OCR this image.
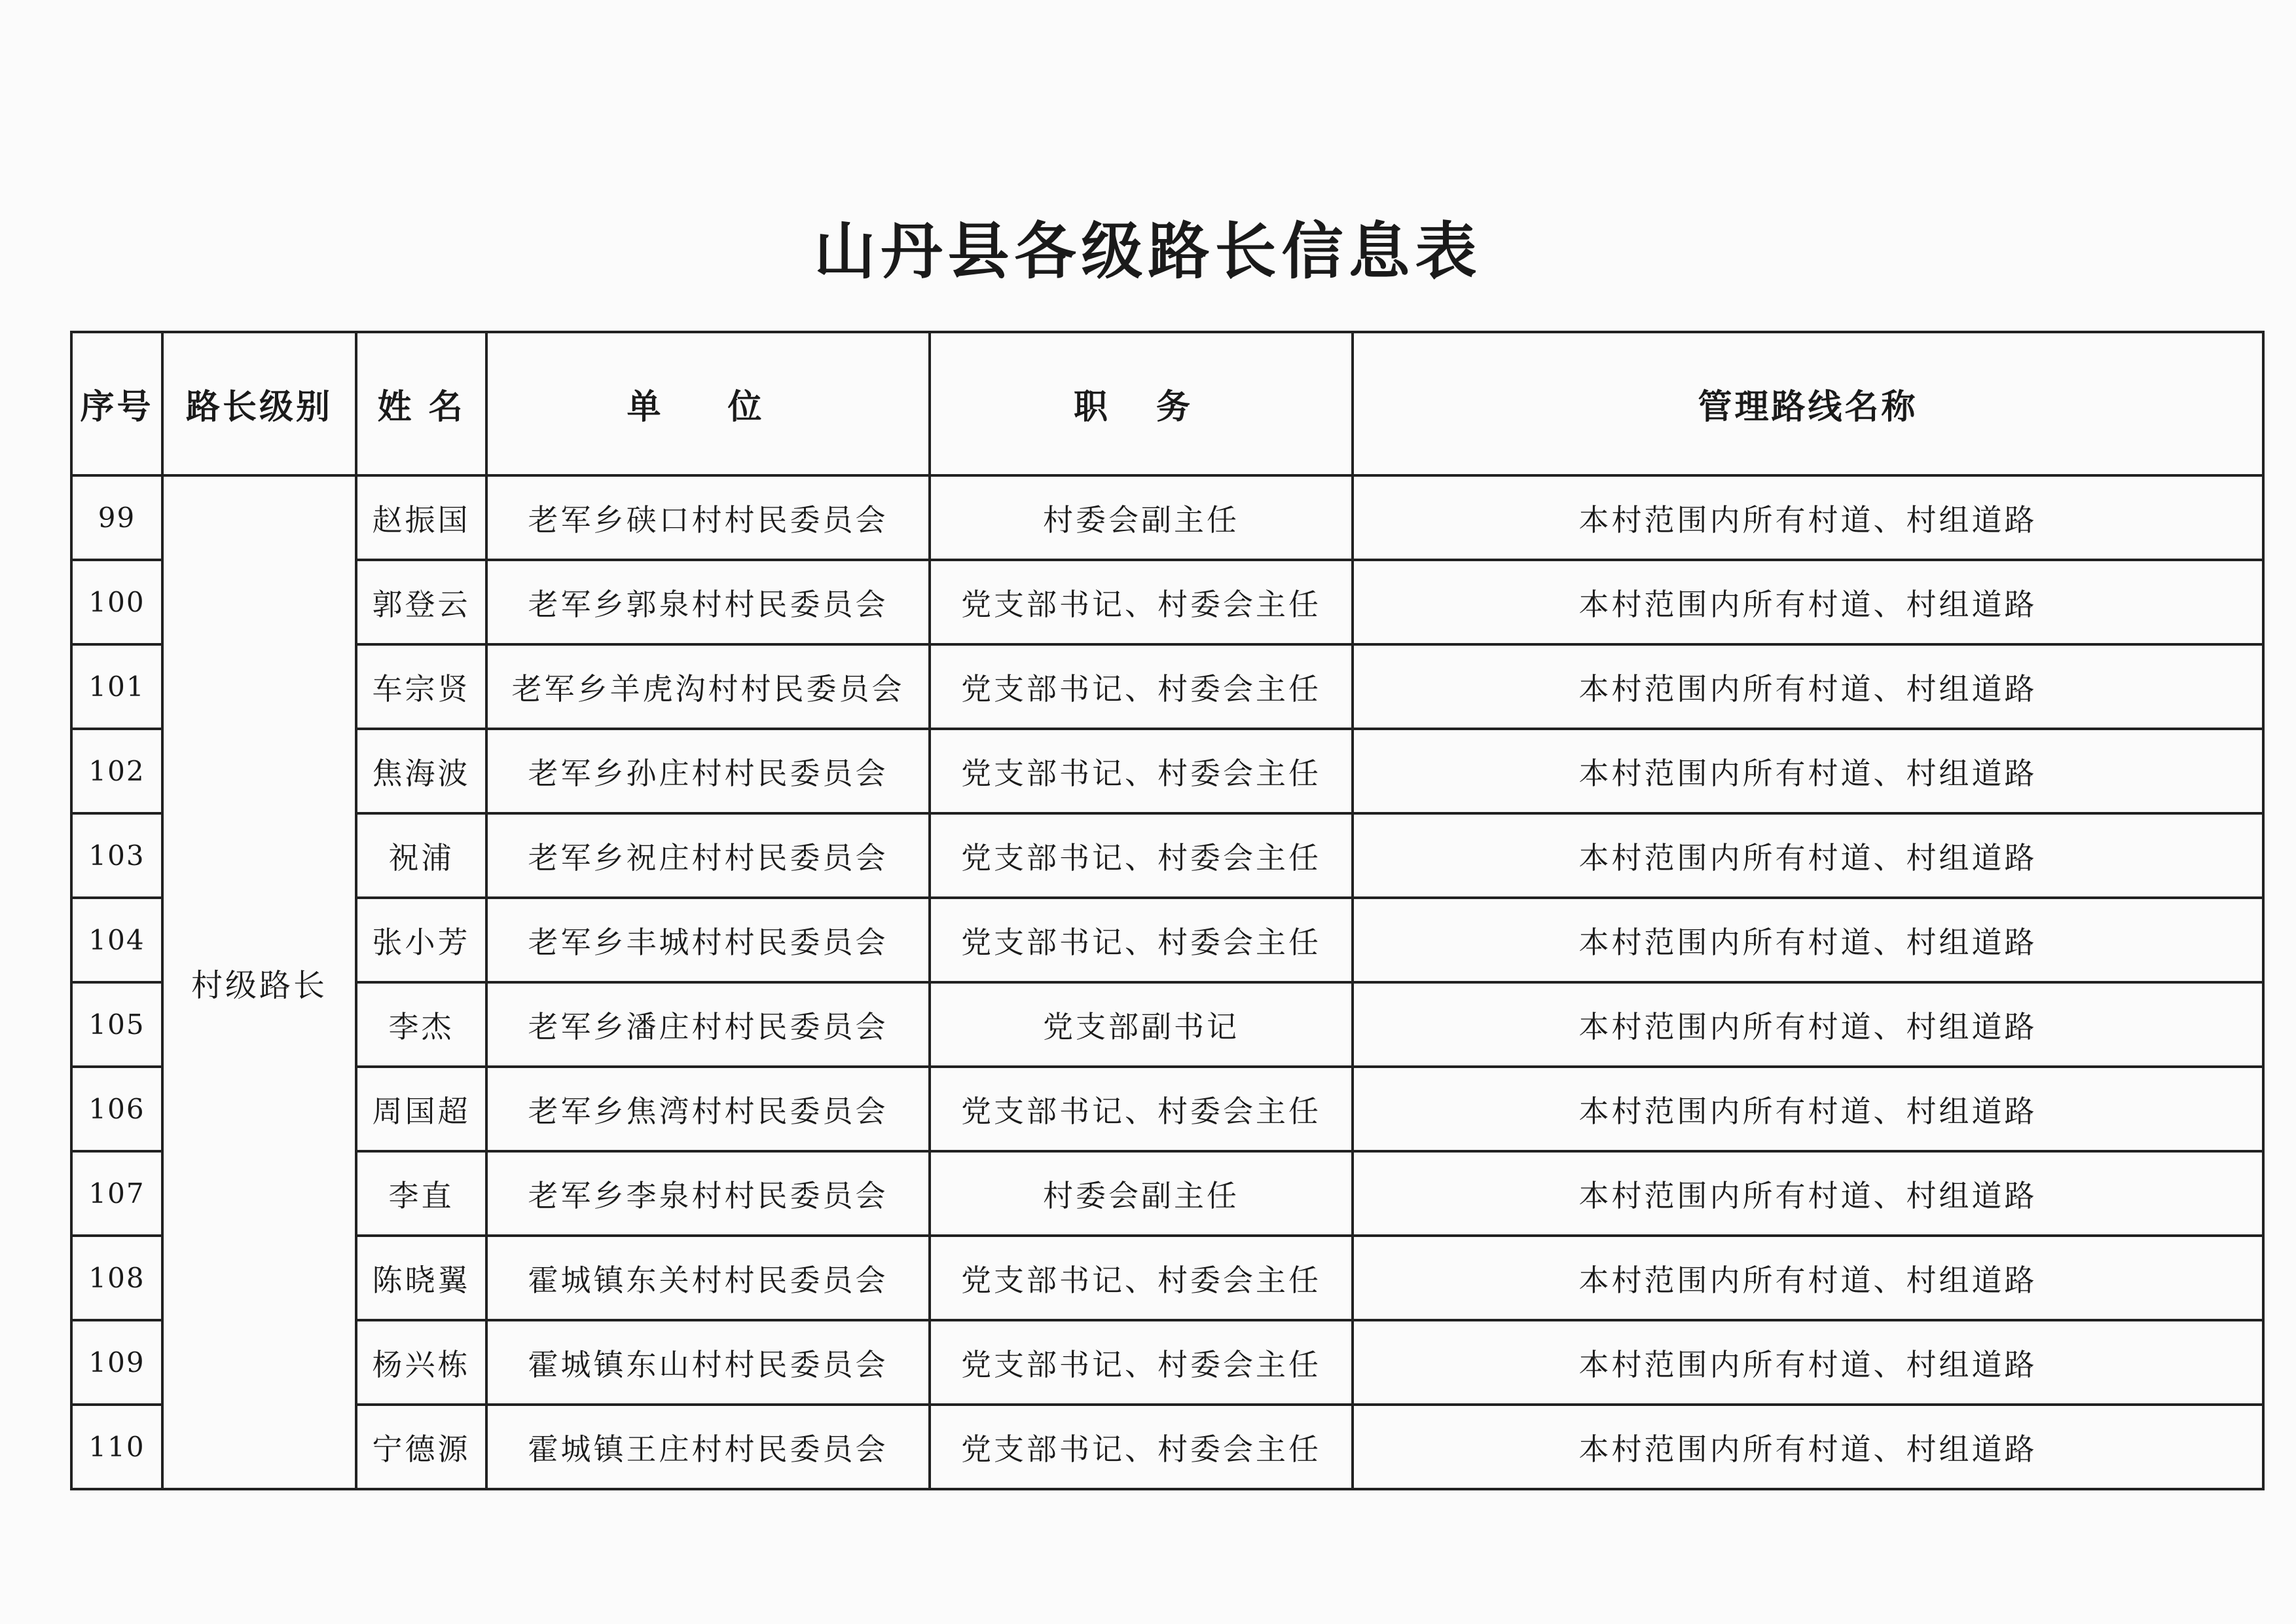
山丹县各级路长信息表
序号	路长级别	姓 名	单 位	职 务	管理路线名称
99	村级路长	赵振国	老军乡硖口村村民委员会	村委会副主任	本村范围内所有村道、村组道路
100		郭登云	老军乡郭泉村村民委员会	党支部书记、村委会主任	本村范围内所有村道、村组道路
101		车宗贤	老军乡羊虎沟村村民委员会	党支部书记、村委会主任	本村范围内所有村道、村组道路
102		焦海波	老军乡孙庄村村民委员会	党支部书记、村委会主任	本村范围内所有村道、村组道路
103		祝浦	老军乡祝庄村村民委员会	党支部书记、村委会主任	本村范围内所有村道、村组道路
104		张小芳	老军乡丰城村村民委员会	党支部书记、村委会主任	本村范围内所有村道、村组道路
105		李杰	老军乡潘庄村村民委员会	党支部副书记	本村范围内所有村道、村组道路
106		周国超	老军乡焦湾村村民委员会	党支部书记、村委会主任	本村范围内所有村道、村组道路
107		李直	老军乡李泉村村民委员会	村委会副主任	本村范围内所有村道、村组道路
108		陈晓翼	霍城镇东关村村民委员会	党支部书记、村委会主任	本村范围内所有村道、村组道路
109		杨兴栋	霍城镇东山村村民委员会	党支部书记、村委会主任	本村范围内所有村道、村组道路
110		宁德源	霍城镇王庄村村民委员会	党支部书记、村委会主任	本村范围内所有村道、村组道路
